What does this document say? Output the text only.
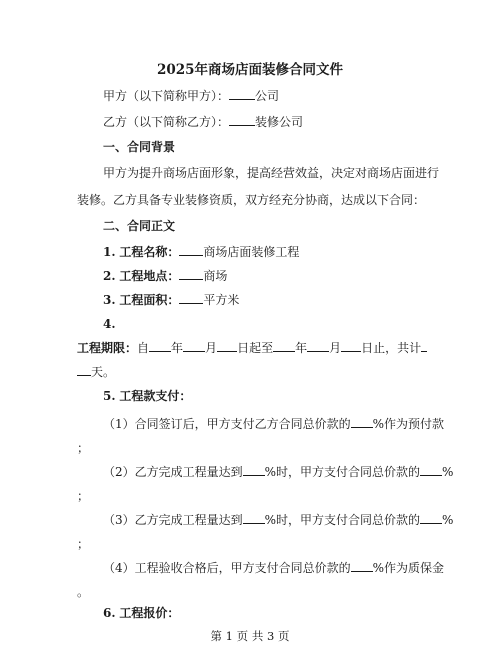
2025年商场店面装修合同文件
甲方（以下简称甲方）： 公司
乙方（以下简称乙方）： 装修公司
一、合同背景
甲方为提升商场店面形象，提高经营效益，决定对商场店面进行
装修。乙方具备专业装修资质，双方经充分协商，达成以下合同：
二、合同正文
1. 工程名称： 商场店面装修工程
2. 工程地点： 商场
3. 工程面积： 平方米
4.
工程期限：自 年 月 日起至 年 月 日止，共计
天。
5. 工程款支付：
（1）合同签订后，甲方支付乙方合同总价款的 %作为预付款
；
（2）乙方完成工程量达到 %时，甲方支付合同总价款的 %
；
（3）乙方完成工程量达到 %时，甲方支付合同总价款的 %
；
（4）工程验收合格后，甲方支付合同总价款的 %作为质保金
。
6. 工程报价：
第 1 页 共 3 页
